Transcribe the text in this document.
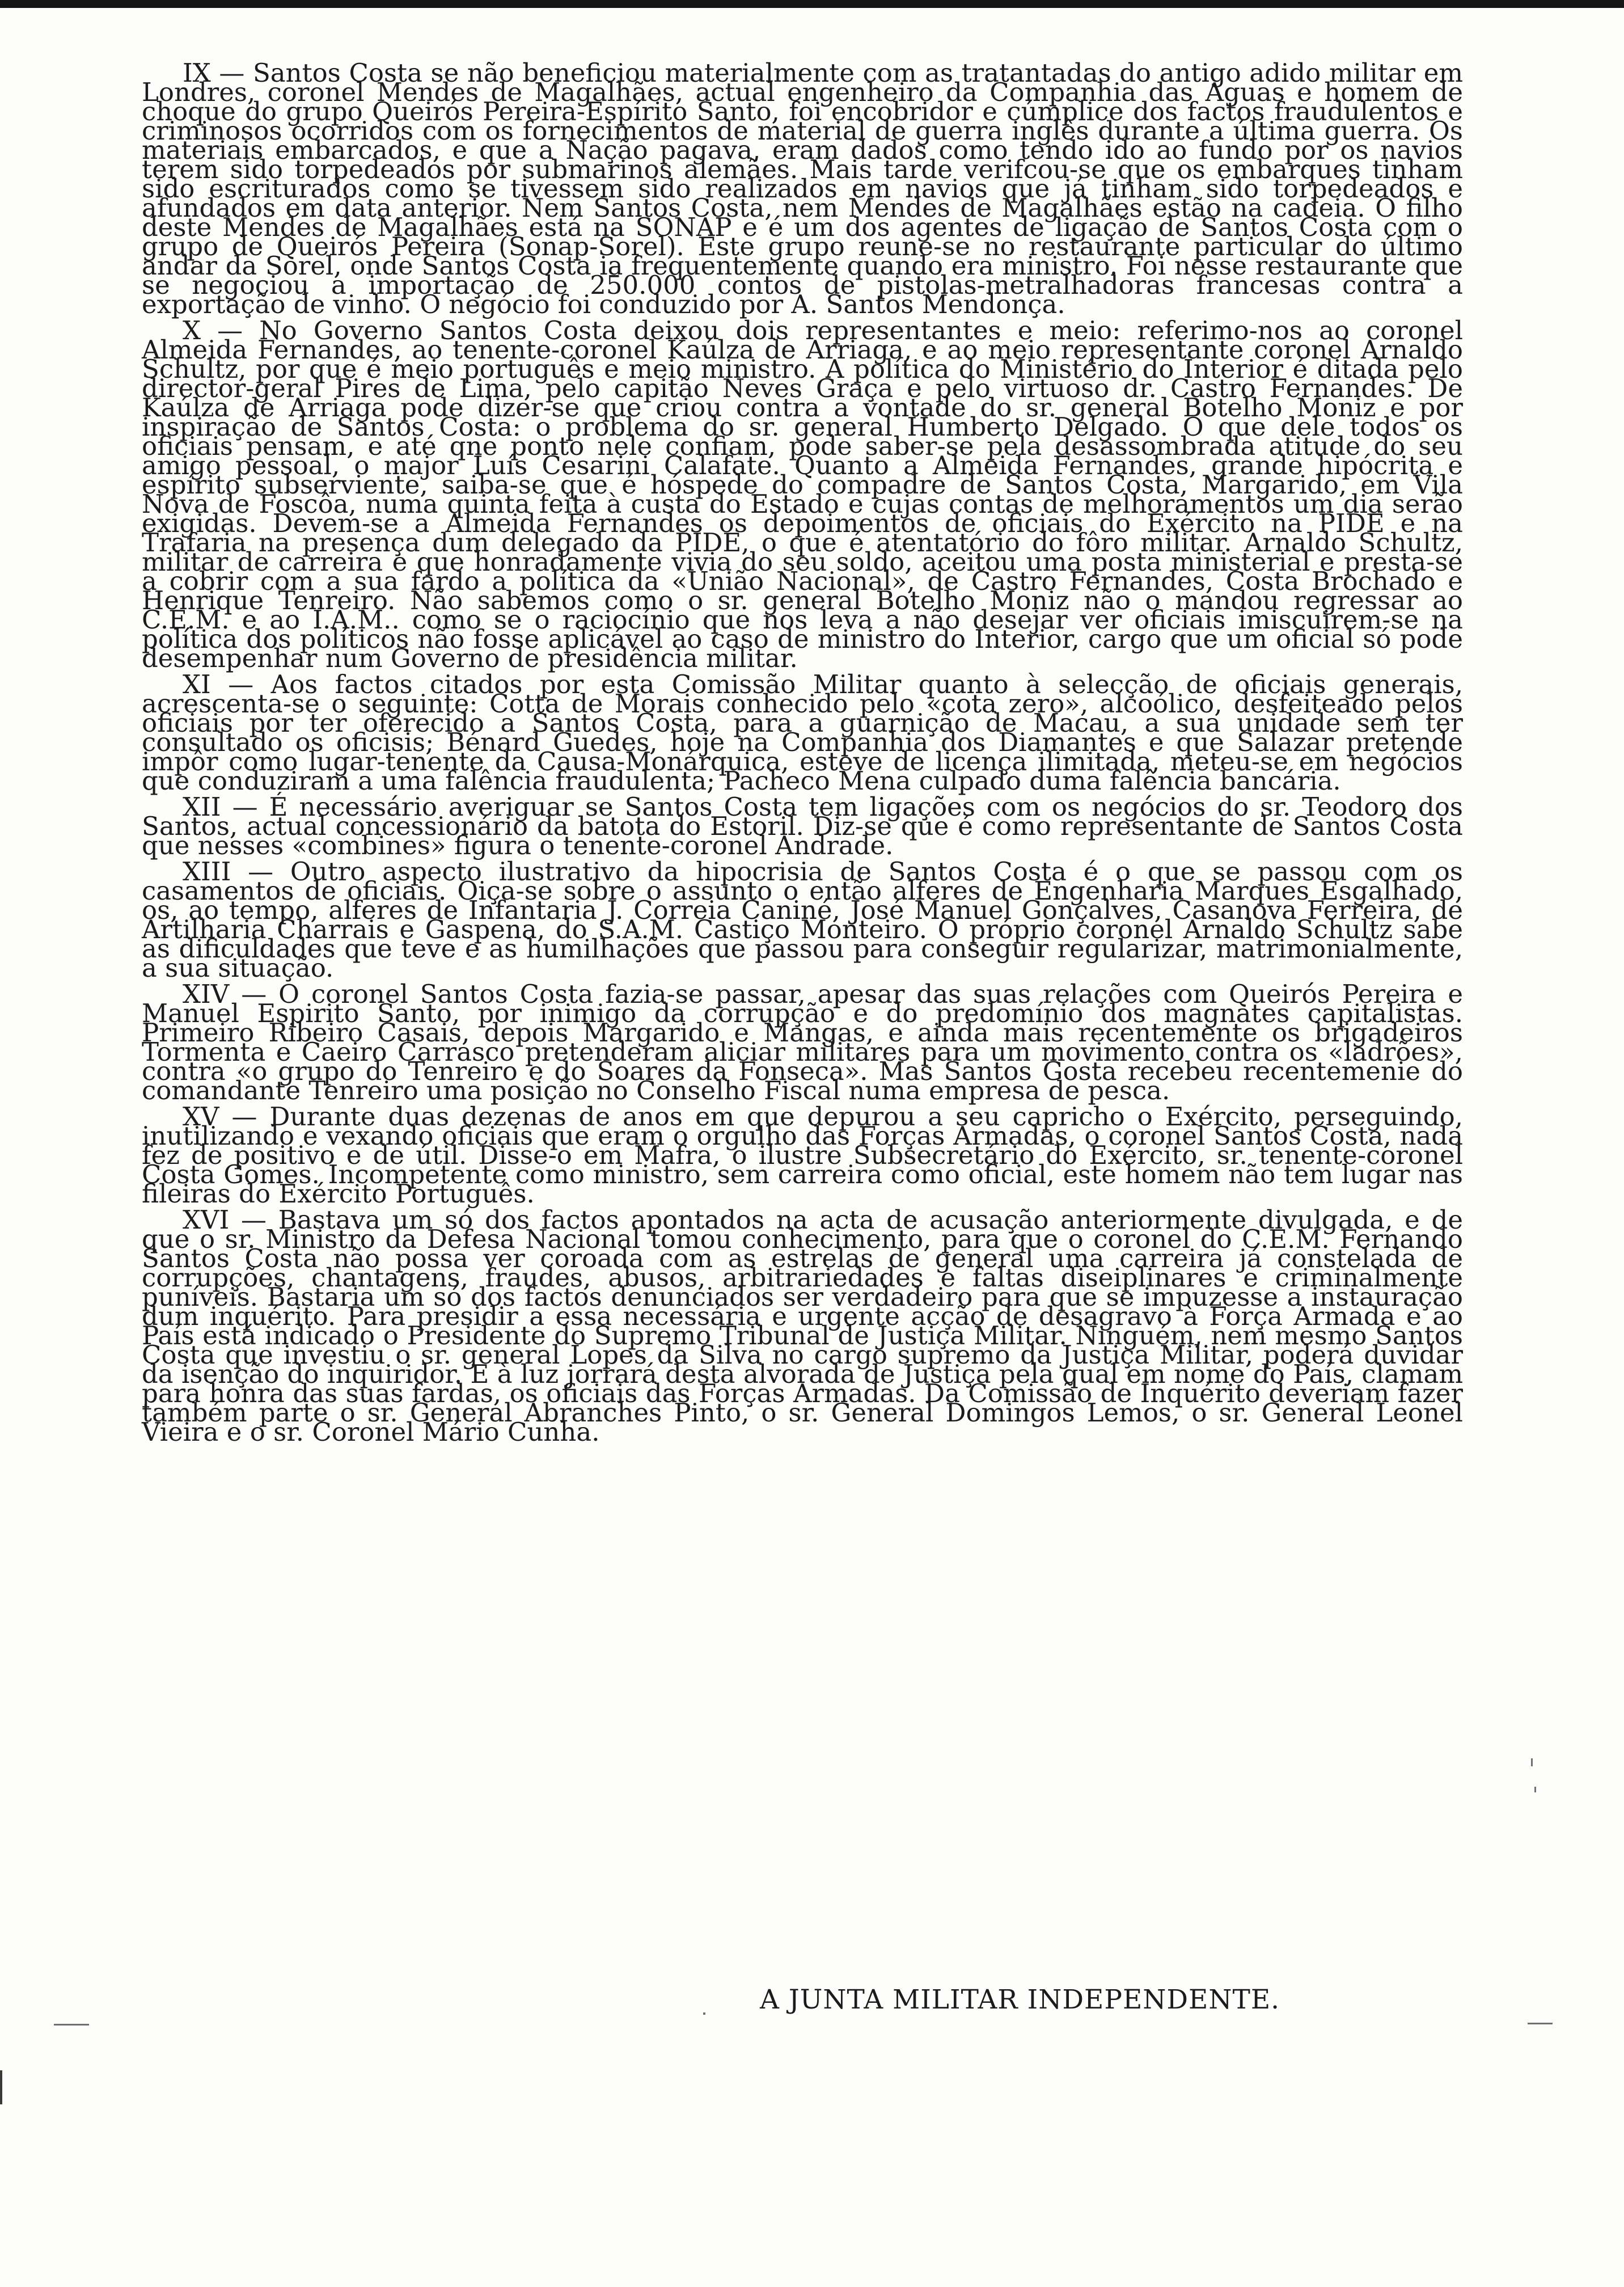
IX — Santos Costa se não beneficiou materialmente com as tratantadas do antigo adido militar em Londres, coronel Mendes de Magalhães, actual engenheiro da Companhia das Aguas e homem de choque do grupo Queirós Pereira-Espírito Santo, foi encobridor e cúmplice dos factos fraudulentos e criminosos ocorridos com os fornecimentos de material de guerra inglês durante a última guerra. Os materiais embarcados, e que a Nação pagava, eram dados como tendo ido ao fundo por os navios terem sido torpedeados por submarinos alemães. Mais tarde verifcou-se que os embarques tinham sido escriturados como se tivessem sido realizados em navios que já tinham sido torpedeados e afundados em data anterior. Nem Santos Costa, nem Mendes de Magalhães estão na cadeia. O filho deste Mendes de Magalhães está na SONAP e é um dos agentes de ligação de Santos Costa com o grupo de Queirós Pereira (Sonap-Sorel). Este grupo reune-se no restaurante particular do último andar da Sorel, onde Santos Costa ia frequentemente quando era ministro. Foi nesse restaurante que se negociou a importação de 250.000 contos de pistolas-metralhadoras francesas contra a exportação de vinho. O negócio foi conduzido por A. Santos Mendonça.

X — No Governo Santos Costa deixou dois representantes e meio: referimo-nos ao coronel Almeida Fernandes, ao tenente-coronel Kaúlza de Arriaga, e ao meio representante coronel Arnaldo Schultz, por que é meio português e meio ministro. A política do Ministério do Interior é ditada pelo director-geral Pires de Lima, pelo capitão Neves Graça e pelo virtuoso dr. Castro Fernandes. De Kaúlza de Arriaga pode dizer-se que criou contra a vontade do sr. general Botelho Moniz e por inspiração de Santos Costa: o problema do sr. general Humberto Delgado. O que dele todos os oficiais pensam, e até qne ponto nele confiam, pode saber-se pela desassombrada atitude do seu amigo pessoal, o major Luís Cesarini Calafate. Quanto a Almeida Fernandes, grande hipócrita e espírito subserviente, saiba-se que é hóspede do compadre de Santos Costa, Margarido, em Vila Nova de Foscôa, numa quinta feita à custa do Estado e cujas contas de melhoramentos um dia serão exigidas. Devem-se a Almeida Fernandes os depoimentos de oficiais do Exército na PIDE e na Trafaria na presença dum delegado da PIDE, o que é atentatório do fôro militar. Arnaldo Schultz, militar de carreira e que honradamente vivia do seu soldo, aceitou uma posta ministerial e presta-se a cobrir com a sua fardo a política da «União Nacional», de Castro Fernandes, Costa Brochado e Henrique Tenreiro. Não sabemos como o sr. general Botelho Moniz não o mandou regressar ao C.E.M. e ao I.A.M.. como se o raciocínio que nos leva a não desejar ver oficiais imiscuirem-se na política dos políticos não fosse aplicável ao caso de ministro do Interior, cargo que um oficial só pode desempenhar num Governo de presidência militar.

XI — Aos factos citados por esta Comissão Militar quanto à selecção de oficiais generais, acrescenta-se o seguinte: Cotta de Morais conhecido pelo «cota zero», alcoólico, desfeiteado pelos oficiais por ter oferecido a Santos Costa, para a guarnição de Macau, a sua unidade sem ter consultado os oficisis; Bénard Guedes, hoje na Companhia dos Diamantes e que Salazar pretende impôr como lugar-tenente da Causa-Monárquica, esteve de licença ilimitada, meteu-se em negócios que conduziram a uma falência fraudulenta; Pacheco Mena culpado duma falência bancária.

XII — É necessário averiguar se Santos Costa tem ligações com os negócios do sr. Teodoro dos Santos, actual concessionário da batota do Estoril. Diz-se que é como representante de Santos Costa que nesses «combines» figura o tenente-coronel Andrade.

XIII — Outro aspecto ilustrativo da hipocrisia de Santos Costa é o que se passou com os casamentos de oficiais. Oiça-se sobre o assunto o então alferes de Engenharia Marques Esgalhado, os, ao tempo, alferes de Infantaria J. Correia Caniné, José Manuel Gonçalves, Casanova Ferreira, de Artilharia Charrais e Gaspena, do S.A.M. Castiço Monteiro. O próprio coronel Arnaldo Schultz sabe as dificuldades que teve e as humilhações que passou para conseguir regularizar, matrimonialmente, a sua situação.

XIV — O coronel Santos Costa fazia-se passar, apesar das suas relações com Queirós Pereira e Manuel Espirito Santo, por inimigo da corrupção e do predomínio dos magnates capitalistas. Primeiro Ribeiro Casais, depois Margarido e Mangas, e ainda mais recentemente os brigadeiros Tormenta e Caeiro Carrasco pretenderam aliciar militares para um movimento contra os «ladrões», contra «o grupo do Tenreiro e do Soares da Fonseca». Mas Santos Gosta recebeu recentemenie do comandante Tenreiro uma posição no Conselho Fiscal numa empresa de pesca.

XV — Durante duas dezenas de anos em que depurou a seu capricho o Exército, perseguindo, inutilizando e vexando oficiais que eram o orgulho das Forças Armadas, o coronel Santos Costa, nada fez de positivo e de útil. Disse-o em Mafra, o ilustre Subsecretário do Exército, sr. tenente-coronel Costa Gomes. Incompetente como ministro, sem carreira como oficial, este homem não tem lugar nas fileiras do Exército Português.

XVI — Bastava um só dos factos apontados na acta de acusação anteriormente divulgada, e de que o sr. Ministro da Defesa Nacional tomou conhecimento, para que o coronel do C.E.M. Fernando Santos Costa não possa ver coroada com as estrelas de general uma carreira já constelada de corrupções, chantagens, fraudes, abusos, arbitrariedades e faltas diseiplinares e criminalmente puníveis. Bastaria um só dos factos denunciados ser verdadeiro para que se impuzesse a instauração dum inquérito. Para presidir a essa necessária e urgente acção de desagravo à Força Armada e ao País está indicado o Presidente do Supremo Tribunal de Justiça Militar. Ninguém, nem mesmo Santos Costa que investiu o sr. general Lopes da Silva no cargo supremo da Justiça Militar, poderá duvidar da isenção do inquiridor. E à luz jorrará desta alvorada de Justiça pela qual em nome do País, clamam para honra das suas fardas, os oficiais das Forças Armadas. Da Comissão de Inquérito deveriam fazer também parte o sr. General Abranches Pinto, o sr. General Domingos Lemos, o sr. General Leonel Vieira e o sr. Coronel Mário Cunha.

A JUNTA MILITAR INDEPENDENTE.
